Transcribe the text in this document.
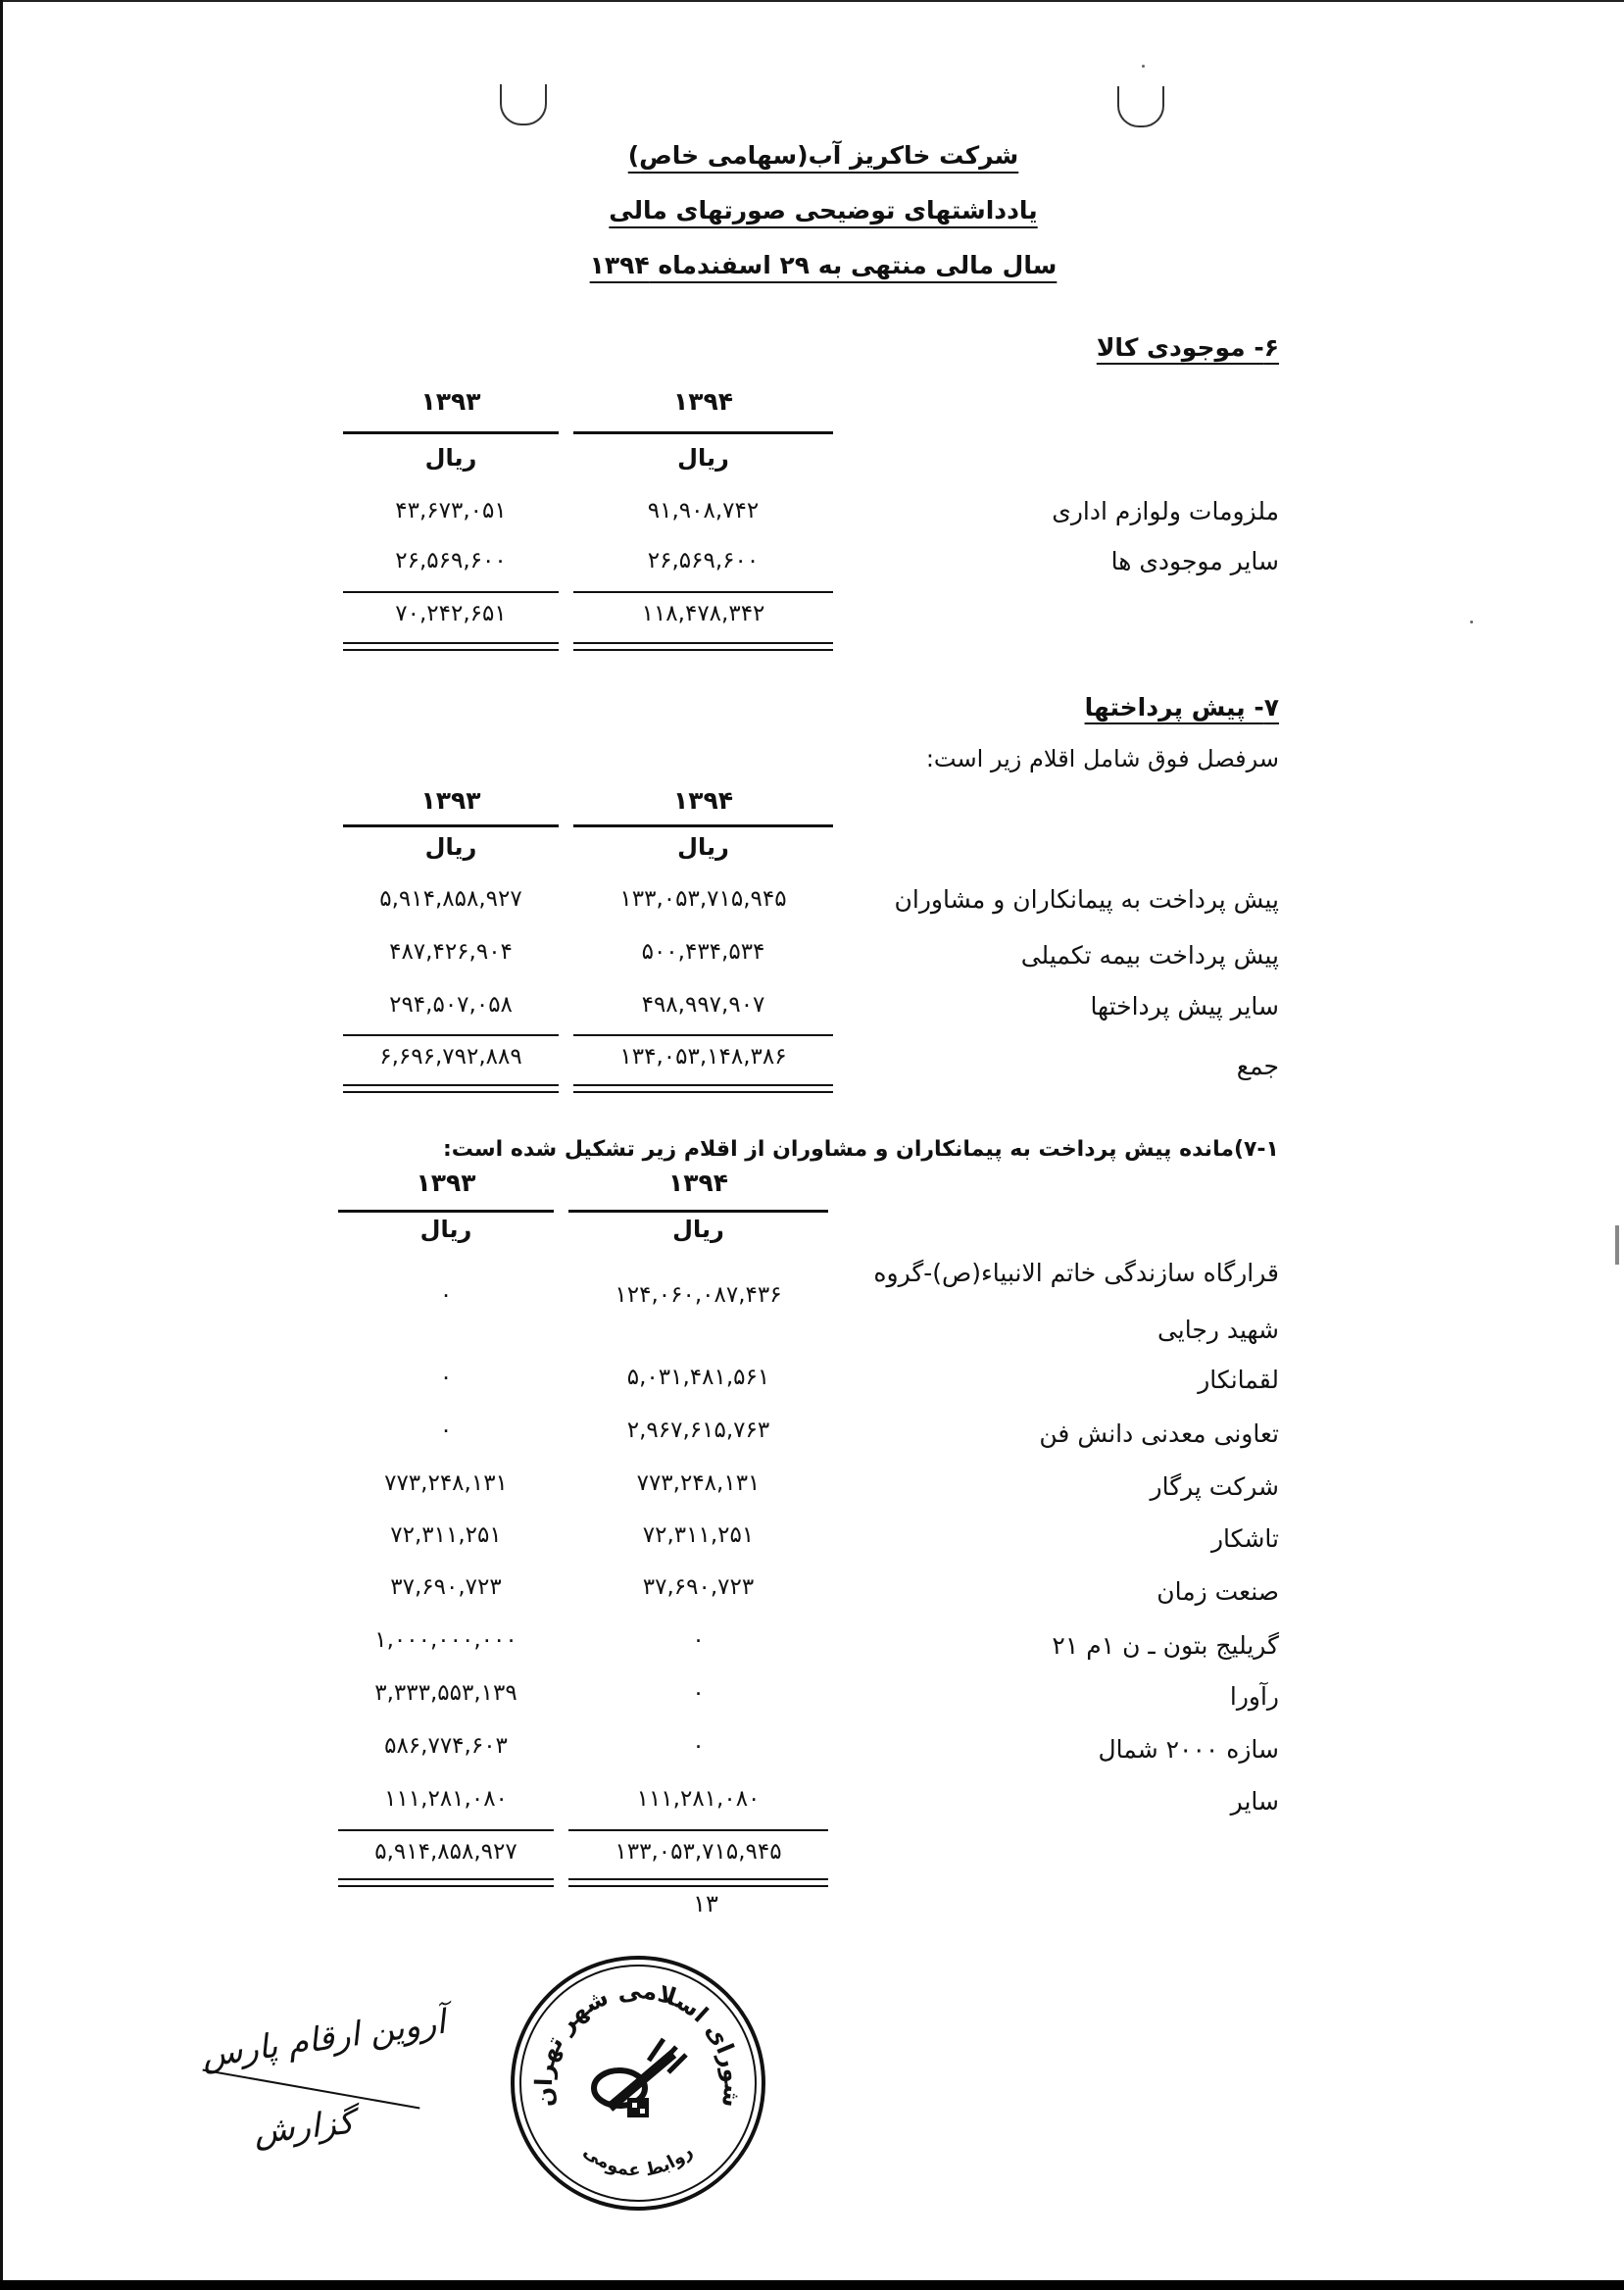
شرکت خاکریز آب(سهامی خاص)
یادداشتهای توضیحی صورتهای مالی
سال مالی منتهی به ۲۹ اسفندماه ۱۳۹۴
۶- موجودی کالا
۱۳۹۴
۱۳۹۳
ریال
ریال
ملزومات ولوازم اداری
۹۱,۹۰۸,۷۴۲
۴۳,۶۷۳,۰۵۱
سایر موجودی ها
۲۶,۵۶۹,۶۰۰
۲۶,۵۶۹,۶۰۰
۱۱۸,۴۷۸,۳۴۲
۷۰,۲۴۲,۶۵۱
۷- پیش پرداختها
سرفصل فوق شامل اقلام زیر است:
۱۳۹۴
۱۳۹۳
ریال
ریال
پیش پرداخت به پیمانکاران و مشاوران
۱۳۳,۰۵۳,۷۱۵,۹۴۵
۵,۹۱۴,۸۵۸,۹۲۷
پیش پرداخت بیمه تکمیلی
۵۰۰,۴۳۴,۵۳۴
۴۸۷,۴۲۶,۹۰۴
سایر پیش پرداختها
۴۹۸,۹۹۷,۹۰۷
۲۹۴,۵۰۷,۰۵۸
جمع
۱۳۴,۰۵۳,۱۴۸,۳۸۶
۶,۶۹۶,۷۹۲,۸۸۹
۷-۱)مانده پیش پرداخت به پیمانکاران و مشاوران از اقلام زیر تشکیل شده است:
۱۳۹۴
۱۳۹۳
ریال
ریال
قرارگاه سازندگی خاتم الانبیاء(ص)-گروه
شهید رجایی
۱۲۴,۰۶۰,۰۸۷,۴۳۶
۰
لقمانکار
۵,۰۳۱,۴۸۱,۵۶۱
۰
تعاونی معدنی دانش فن
۲,۹۶۷,۶۱۵,۷۶۳
۰
شرکت پرگار
۷۷۳,۲۴۸,۱۳۱
۷۷۳,۲۴۸,۱۳۱
تاشکار
۷۲,۳۱۱,۲۵۱
۷۲,۳۱۱,۲۵۱
صنعت زمان
۳۷,۶۹۰,۷۲۳
۳۷,۶۹۰,۷۲۳
گریلیج بتون ـ ن ۱م ۲۱
۰
۱,۰۰۰,۰۰۰,۰۰۰
رآورا
۰
۳,۳۳۳,۵۵۳,۱۳۹
سازه ۲۰۰۰ شمال
۰
۵۸۶,۷۷۴,۶۰۳
سایر
۱۱۱,۲۸۱,۰۸۰
۱۱۱,۲۸۱,۰۸۰
۱۳۳,۰۵۳,۷۱۵,۹۴۵
۵,۹۱۴,۸۵۸,۹۲۷
۱۳
شورای اسلامی شهر تهران
روابط عمومی
آروین ارقام پارس
گزارش
